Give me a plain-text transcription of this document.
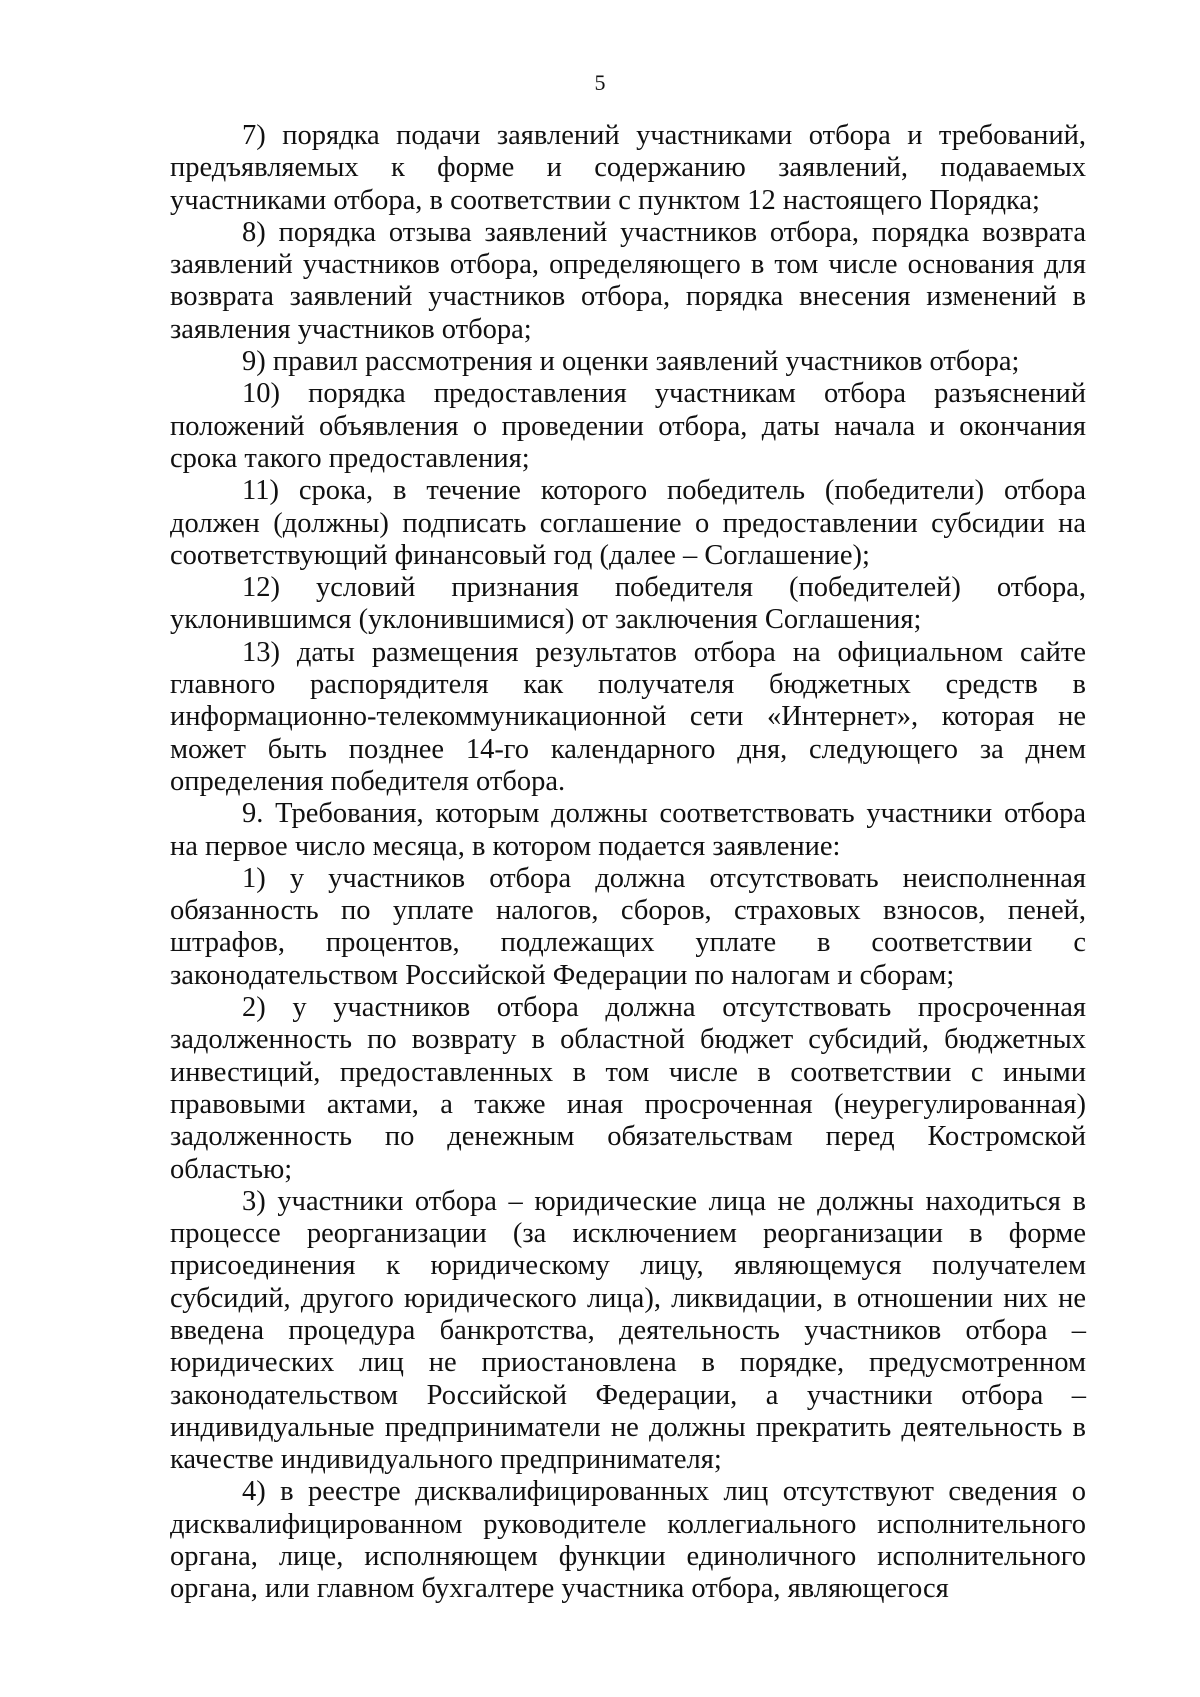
5

7) порядка подачи заявлений участниками отбора и требований, предъявляемых к форме и содержанию заявлений, подаваемых участниками отбора, в соответствии с пунктом 12 настоящего Порядка;

8) порядка отзыва заявлений участников отбора, порядка возврата заявлений участников отбора, определяющего в том числе основания для возврата заявлений участников отбора, порядка внесения изменений в заявления участников отбора;

9) правил рассмотрения и оценки заявлений участников отбора;

10) порядка предоставления участникам отбора разъяснений положений объявления о проведении отбора, даты начала и окончания срока такого предоставления;

11) срока, в течение которого победитель (победители) отбора должен (должны) подписать соглашение о предоставлении субсидии на соответствующий финансовый год (далее – Соглашение);

12) условий признания победителя (победителей) отбора, уклонившимся (уклонившимися) от заключения Соглашения;

13) даты размещения результатов отбора на официальном сайте главного распорядителя как получателя бюджетных средств в информационно-телекоммуникационной сети «Интернет», которая не может быть позднее 14-го календарного дня, следующего за днем определения победителя отбора.

9. Требования, которым должны соответствовать участники отбора на первое число месяца, в котором подается заявление:

1) у участников отбора должна отсутствовать неисполненная обязанность по уплате налогов, сборов, страховых взносов, пеней, штрафов, процентов, подлежащих уплате в соответствии с законодательством Российской Федерации по налогам и сборам;

2) у участников отбора должна отсутствовать просроченная задолженность по возврату в областной бюджет субсидий, бюджетных инвестиций, предоставленных в том числе в соответствии с иными правовыми актами, а также иная просроченная (неурегулированная) задолженность по денежным обязательствам перед Костромской областью;

3) участники отбора – юридические лица не должны находиться в процессе реорганизации (за исключением реорганизации в форме присоединения к юридическому лицу, являющемуся получателем субсидий, другого юридического лица), ликвидации, в отношении них не введена процедура банкротства, деятельность участников отбора – юридических лиц не приостановлена в порядке, предусмотренном законодательством Российской Федерации, а участники отбора – индивидуальные предприниматели не должны прекратить деятельность в качестве индивидуального предпринимателя;

4) в реестре дисквалифицированных лиц отсутствуют сведения о дисквалифицированном руководителе коллегиального исполнительного органа, лице, исполняющем функции единоличного исполнительного органа, или главном бухгалтере участника отбора, являющегося
